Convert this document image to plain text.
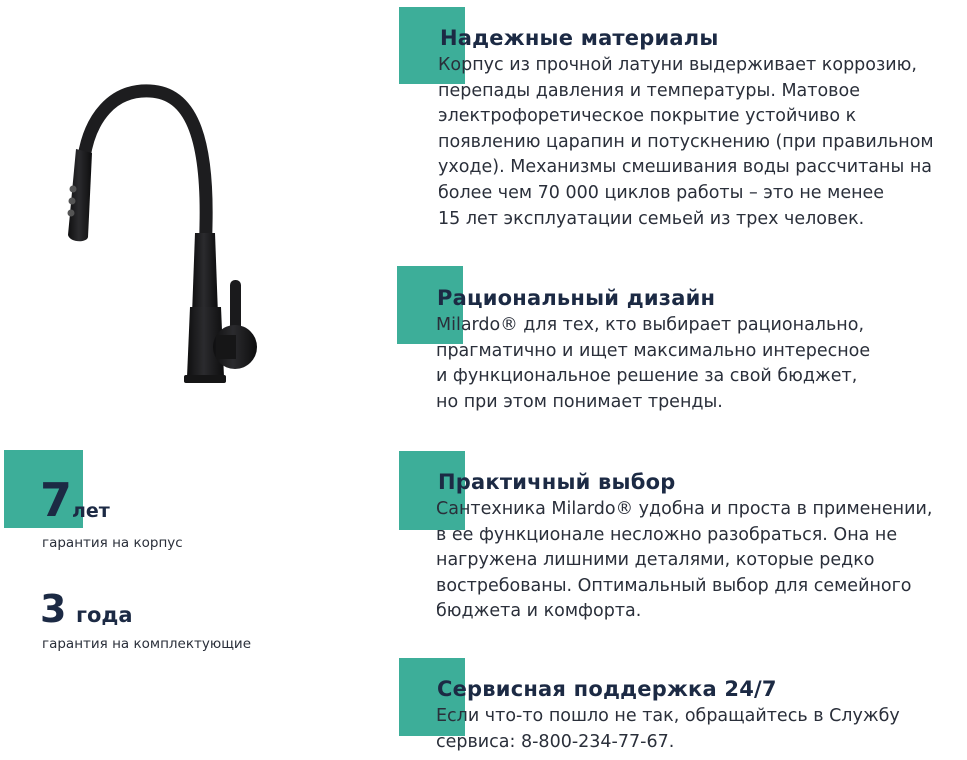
7 лет
гарантия на корпус
3 года
гарантия на комплектующие
Надежные материалы
Корпус из прочной латуни выдерживает коррозию,
перепады давления и температуры. Матовое
электрофоретическое покрытие устойчиво к
появлению царапин и потускнению (при правильном
уходе). Механизмы смешивания воды рассчитаны на
более чем 70 000 циклов работы – это не менее
15 лет эксплуатации семьей из трех человек.
Рациональный дизайн
Milardo® для тех, кто выбирает рационально,
прагматично и ищет максимально интересное
и функциональное решение за свой бюджет,
но при этом понимает тренды.
Практичный выбор
Сантехника Milardo® удобна и проста в применении,
в ее функционале несложно разобраться. Она не
нагружена лишними деталями, которые редко
востребованы. Оптимальный выбор для семейного
бюджета и комфорта.
Сервисная поддержка 24/7
Если что-то пошло не так, обращайтесь в Службу
сервиса: 8-800-234-77-67.
